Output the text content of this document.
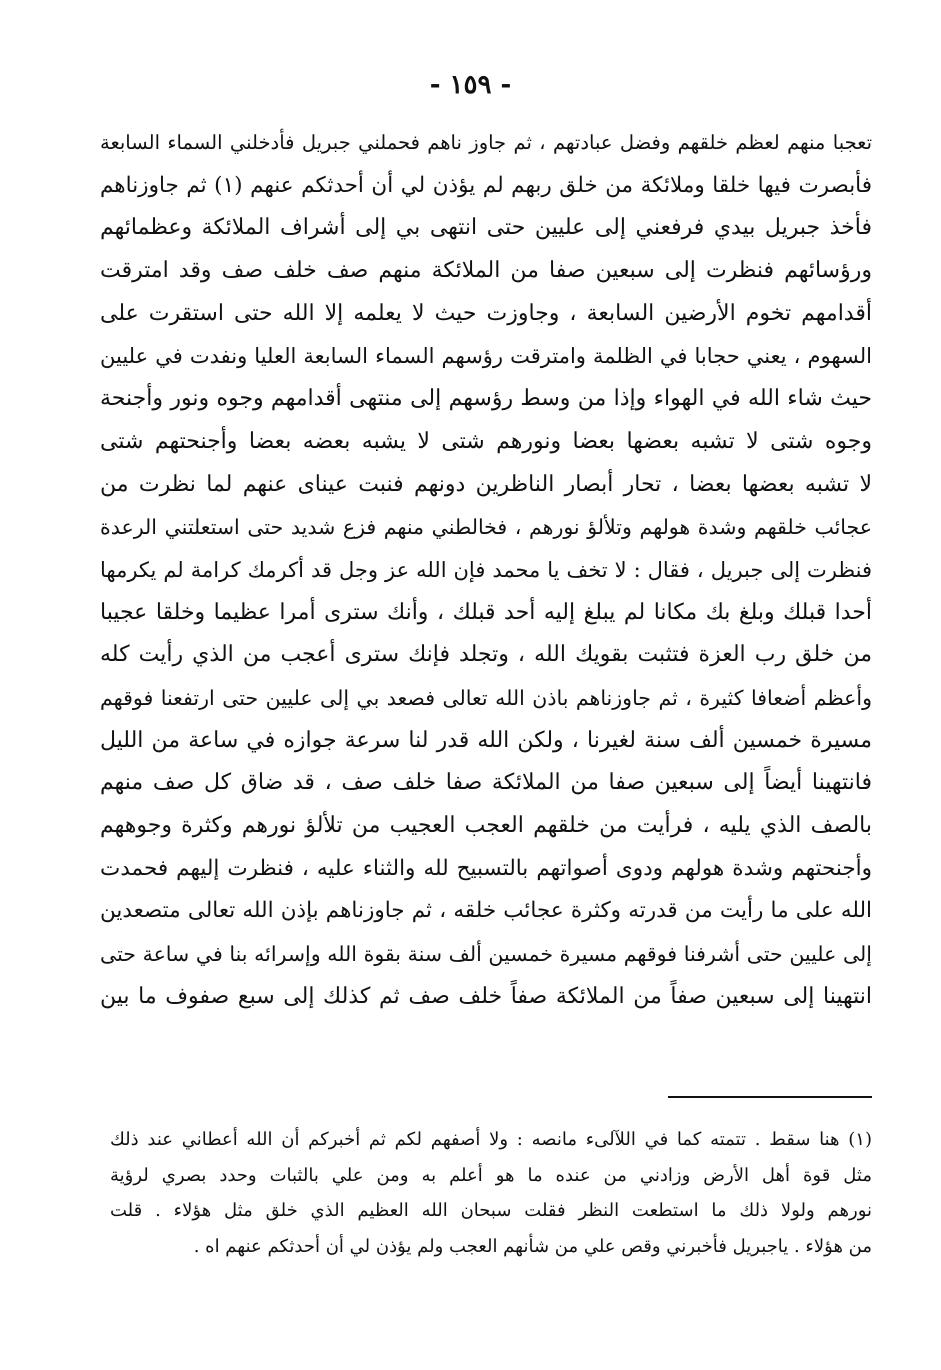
- ١٥٩ -
تعجبا منهم لعظم خلقهم وفضل عبادتهم ، ثم جاوز ناهم فحملني جبريل فأدخلني السماء السابعة
فأبصرت فيها خلقا وملائكة من خلق ربهم لم يؤذن لي أن أحدثكم عنهم (١) ثم جاوزناهم
فأخذ جبريل بيدي فرفعني إلى عليين حتى انتهى بي إلى أشراف الملائكة وعظمائهم
ورؤسائهم فنظرت إلى سبعين صفا من الملائكة منهم صف خلف صف وقد امترقت
أقدامهم تخوم الأرضين السابعة ، وجاوزت حيث لا يعلمه إلا الله حتى استقرت على
السهوم ، يعني حجابا في الظلمة وامترقت رؤسهم السماء السابعة العليا ونفدت في عليين
حيث شاء الله في الهواء وإذا من وسط رؤسهم إلى منتهى أقدامهم وجوه ونور وأجنحة
وجوه شتى لا تشبه بعضها بعضا ونورهم شتى لا يشبه بعضه بعضا وأجنحتهم شتى
لا تشبه بعضها بعضا ، تحار أبصار الناظرين دونهم فنبت عيناى عنهم لما نظرت من
عجائب خلقهم وشدة هولهم وتلألؤ نورهم ، فخالطني منهم فزع شديد حتى استعلتني الرعدة
فنظرت إلى جبريل ، فقال : لا تخف يا محمد فإن الله عز وجل قد أكرمك كرامة لم يكرمها
أحدا قبلك وبلغ بك مكانا لم يبلغ إليه أحد قبلك ، وأنك سترى أمرا عظيما وخلقا عجيبا
من خلق رب العزة فتثبت بقويك الله ، وتجلد فإنك سترى أعجب من الذي رأيت كله
وأعظم أضعافا كثيرة ، ثم جاوزناهم باذن الله تعالى فصعد بي إلى عليين حتى ارتفعنا فوقهم
مسيرة خمسين ألف سنة لغيرنا ، ولكن الله قدر لنا سرعة جوازه في ساعة من الليل
فانتهينا أيضاً إلى سبعين صفا من الملائكة صفا خلف صف ، قد ضاق كل صف منهم
بالصف الذي يليه ، فرأيت من خلقهم العجب العجيب من تلألؤ نورهم وكثرة وجوههم
وأجنحتهم وشدة هولهم ودوى أصواتهم بالتسبيح لله والثناء عليه ، فنظرت إليهم فحمدت
الله على ما رأيت من قدرته وكثرة عجائب خلقه ، ثم جاوزناهم بإذن الله تعالى متصعدين
إلى عليين حتى أشرفنا فوقهم مسيرة خمسين ألف سنة بقوة الله وإسرائه بنا في ساعة حتى
انتهينا إلى سبعين صفاً من الملائكة صفاً خلف صف ثم كذلك إلى سبع صفوف ما بين
(١) هنا سقط . تتمته كما في اللآلىء مانصه : ولا أصفهم لكم ثم أخبركم أن الله أعطاني عند ذلك
مثل قوة أهل الأرض وزادني من عنده ما هو أعلم به ومن علي بالثبات وحدد بصري لرؤية
نورهم ولولا ذلك ما استطعت النظر فقلت سبحان الله العظيم الذي خلق مثل هؤلاء . قلت
من هؤلاء . ياجبريل فأخبرني وقص علي من شأنهم العجب ولم يؤذن لي أن أحدثكم عنهم اه .
